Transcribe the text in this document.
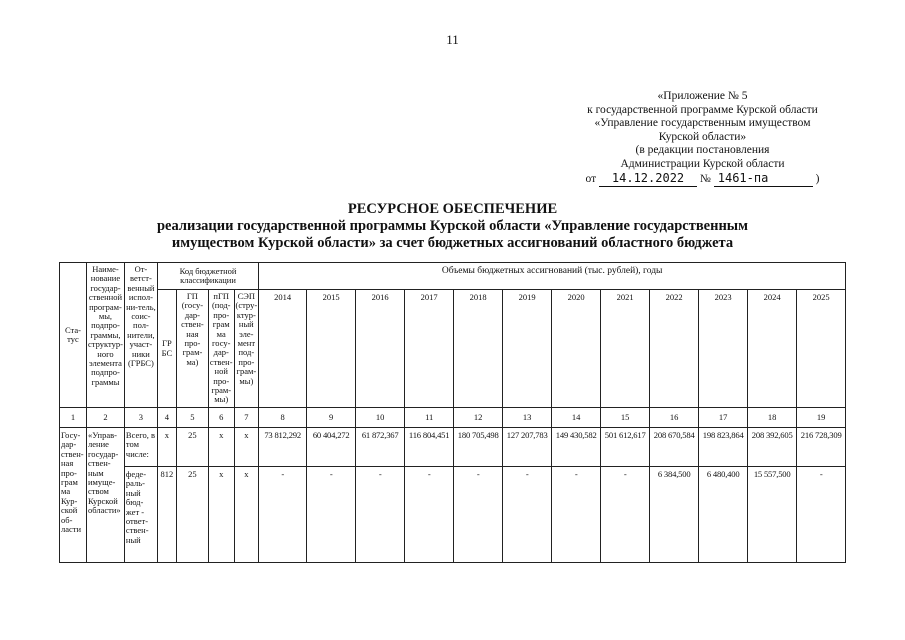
11
«Приложение № 5
к государственной программе Курской области
«Управление государственным имуществом
Курской области»
(в редакции постановления
Администрации Курской области
от 14.12.2022 № 1461-па	)
РЕСУРСНОЕ ОБЕСПЕЧЕНИЕ
реализации государственной программы Курской области «Управление государственным
имуществом Курской области» за счет бюджетных ассигнований областного бюджета
Ста-тус	Наиме-нование государ-ственной програм-мы, подпро-граммы, структур-ного элемента подпро-граммы	От-ветст-венный испол-ни-тель, соис-пол-нители, участ-ники (ГРБС)	Код бюджетной классификации				Объемы бюджетных ассигнований (тыс. рублей), годы											
			ГР БС	ГП (госу-дар-ствен-ная про-грам-ма)	пГП (под-про-грам ма госу-дар-ствен-ной про-грам-мы)	СЭП (стру-ктур-ный эле-мент под-про-грам-мы)	2014	2015	2016	2017	2018	2019	2020	2021	2022	2023	2024	2025
1	2	3	4	5	6	7	8	9	10	11	12	13	14	15	16	17	18	19
Госу-дар-ствен-ная про-грам ма Кур-ской об-ласти	«Управ-ление государ-ствен-ным имуще-ством Курской области»	Всего, в том числе:	x	25	x	x	73 812,292	60 404,272	61 872,367	116 804,451	180 705,498	127 207,783	149 430,582	501 612,617	208 670,584	198 823,864	208 392,605	216 728,309
		феде-раль-ный бюд-жет - ответ-ствен-ный	812	25	x	x	-	-	-	-	-	-	-	-	6 384,500	6 480,400	15 557,500	-
